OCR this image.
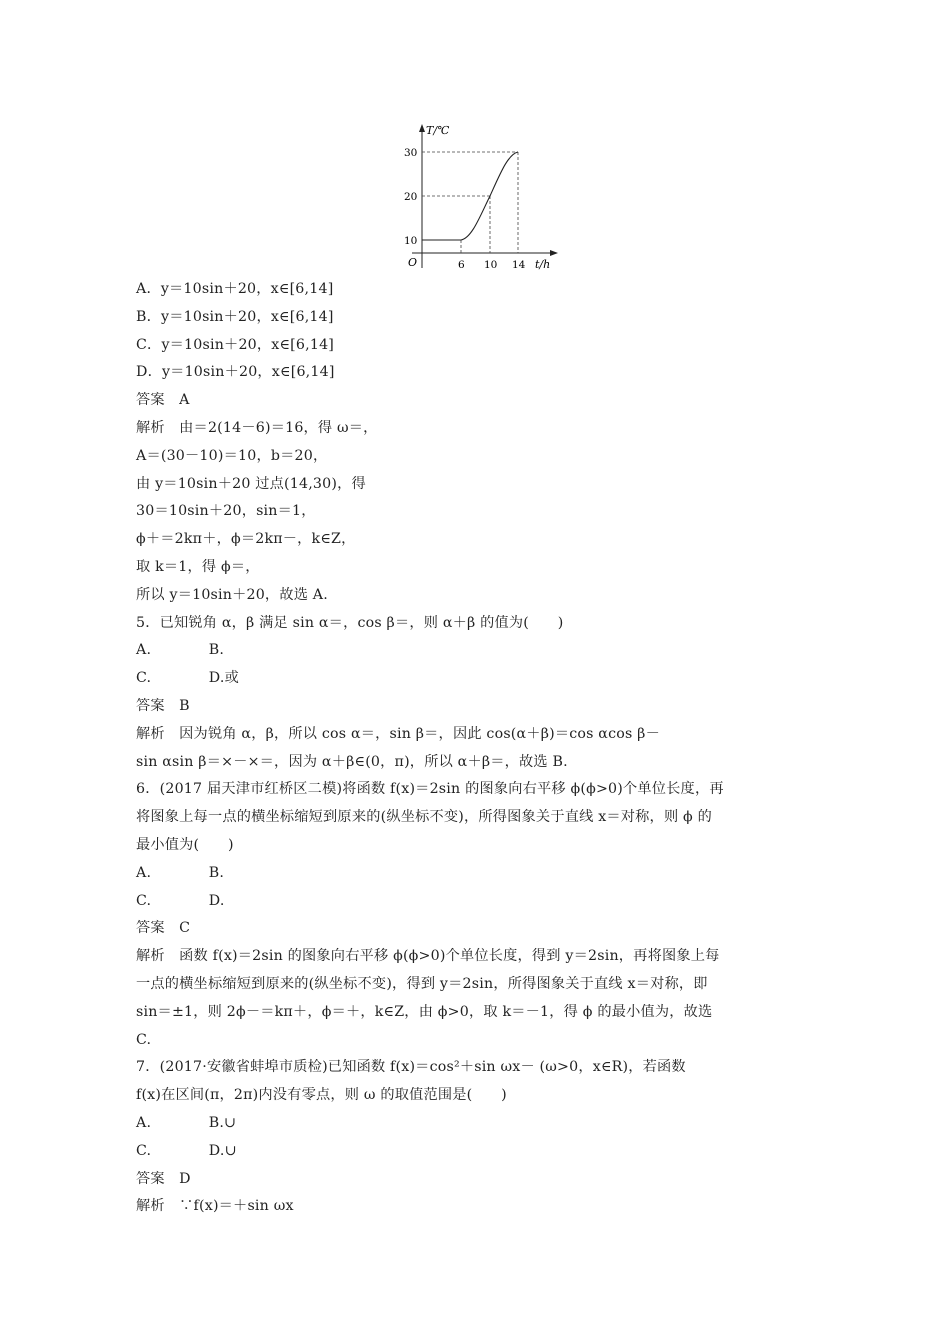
T/℃
t/h
O
30
20
10
6 10 14
A．y＝10sin＋20，x∈[6,14]
B．y＝10sin＋20，x∈[6,14]
C．y＝10sin＋20，x∈[6,14]
D．y＝10sin＋20，x∈[6,14]
答案　A
解析　由＝2(14－6)＝16，得 ω＝，
A＝(30－10)＝10，b＝20，
由 y＝10sin＋20 过点(14,30)，得
30＝10sin＋20，sin＝1，
ϕ＋＝2kπ＋，ϕ＝2kπ－，k∈Z，
取 k＝1，得 ϕ＝，
所以 y＝10sin＋20，故选 A.
5．已知锐角 α，β 满足 sin α＝，cos β＝，则 α＋β 的值为(　　)
A.　　　　B.
C.　　　　D.或
答案　B
解析　因为锐角 α，β，所以 cos α＝，sin β＝，因此 cos(α＋β)＝cos αcos β－
sin αsin β＝×－×＝，因为 α＋β∈(0，π)，所以 α＋β＝，故选 B.
6．(2017 届天津市红桥区二模)将函数 f(x)＝2sin 的图象向右平移 ϕ(ϕ>0)个单位长度，再
将图象上每一点的横坐标缩短到原来的(纵坐标不变)，所得图象关于直线 x＝对称，则 ϕ 的
最小值为(　　)
A.　　　　B.
C.　　　　D.
答案　C
解析　函数 f(x)＝2sin 的图象向右平移 ϕ(ϕ>0)个单位长度，得到 y＝2sin，再将图象上每
一点的横坐标缩短到原来的(纵坐标不变)，得到 y＝2sin，所得图象关于直线 x＝对称，即
sin＝±1，则 2ϕ－＝kπ＋，ϕ＝＋，k∈Z，由 ϕ>0，取 k＝－1，得 ϕ 的最小值为，故选
C.
7．(2017·安徽省蚌埠市质检)已知函数 f(x)＝cos²＋sin ωx－ (ω>0，x∈R)，若函数
f(x)在区间(π，2π)内没有零点，则 ω 的取值范围是(　　)
A.　　　　B.∪
C.　　　　D.∪
答案　D
解析　∵f(x)＝＋sin ωx
